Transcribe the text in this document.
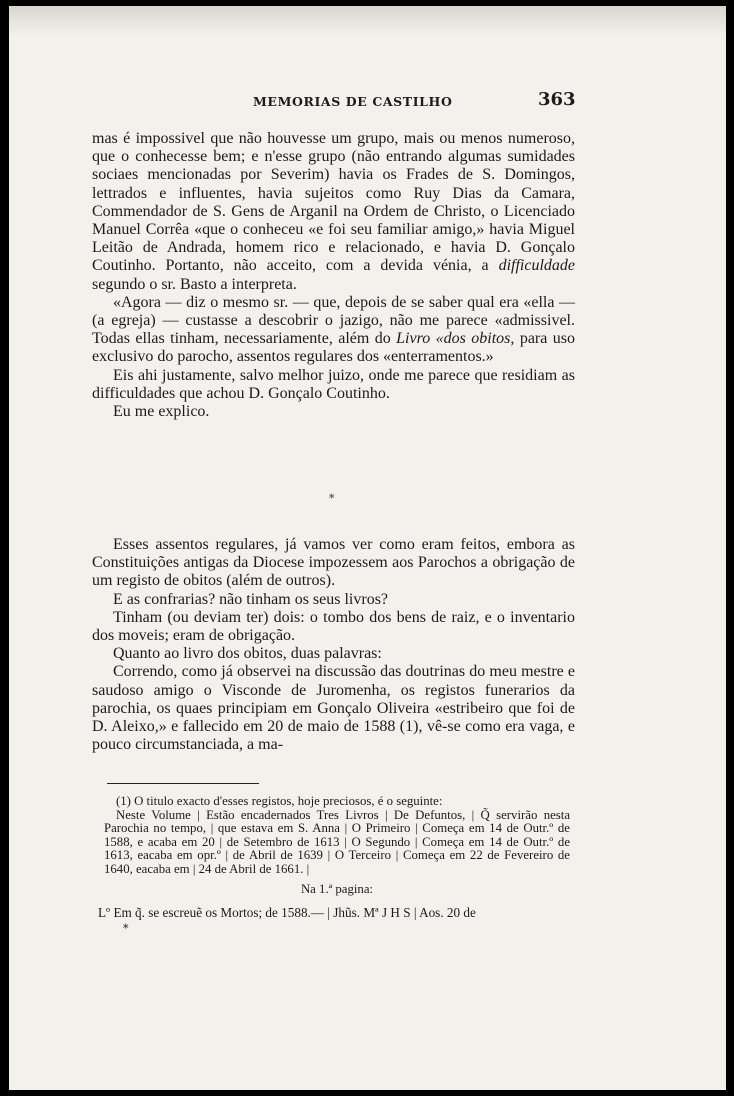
MEMORIAS DE CASTILHO	363

mas é impossivel que não houvesse um grupo, mais ou menos numeroso, que o conhecesse bem; e n'esse grupo (não entrando algumas sumidades sociaes mencionadas por Severim) havia os Frades de S. Domingos, lettrados e influentes, havia sujeitos como Ruy Dias da Camara, Commendador de S. Gens de Arganil na Ordem de Christo, o Licenciado Manuel Corrêa «que o conheceu «e foi seu familiar amigo,» havia Miguel Leitão de Andrada, homem rico e relacionado, e havia D. Gonçalo Coutinho. Portanto, não acceito, com a devida vénia, a difficuldade segundo o sr. Basto a interpreta.

«Agora — diz o mesmo sr. — que, depois de se saber qual era «ella — (a egreja) — custasse a descobrir o jazigo, não me parece «admissivel. Todas ellas tinham, necessariamente, além do Livro «dos obitos, para uso exclusivo do parocho, assentos regulares dos «enterramentos.»

Eis ahi justamente, salvo melhor juizo, onde me parece que residiam as difficuldades que achou D. Gonçalo Coutinho.

Eu me explico.

*

Esses assentos regulares, já vamos ver como eram feitos, embora as Constituições antigas da Diocese impozessem aos Parochos a obrigação de um registo de obitos (além de outros).

E as confrarias? não tinham os seus livros?

Tinham (ou deviam ter) dois: o tombo dos bens de raiz, e o inventario dos moveis; eram de obrigação.

Quanto ao livro dos obitos, duas palavras:

Correndo, como já observei na discussão das doutrinas do meu mestre e saudoso amigo o Visconde de Juromenha, os registos funerarios da parochia, os quaes principiam em Gonçalo Oliveira «estribeiro que foi de D. Aleixo,» e fallecido em 20 de maio de 1588 (1), vê-se como era vaga, e pouco circumstanciada, a ma-

(1) O titulo exacto d'esses registos, hoje preciosos, é o seguinte:

Neste Volume | Estão encadernados Tres Livros | De Defuntos, | Q̃ servirão nesta Parochia no tempo, | que estava em S. Anna | O Primeiro | Começa em 14 de Outr.º de 1588, e acaba em 20 | de Setembro de 1613 | O Segundo | Começa em 14 de Outr.º de 1613, eacaba em opr.º | de Abril de 1639 | O Terceiro | Começa em 22 de Fevereiro de 1640, eacaba em | 24 de Abril de 1661. |

Na 1.ª pagina:

Lº Em q̃. se escreuẽ os Mortos; de 1588.— | Jhũs. Mª J H S | Aos. 20 de

*
